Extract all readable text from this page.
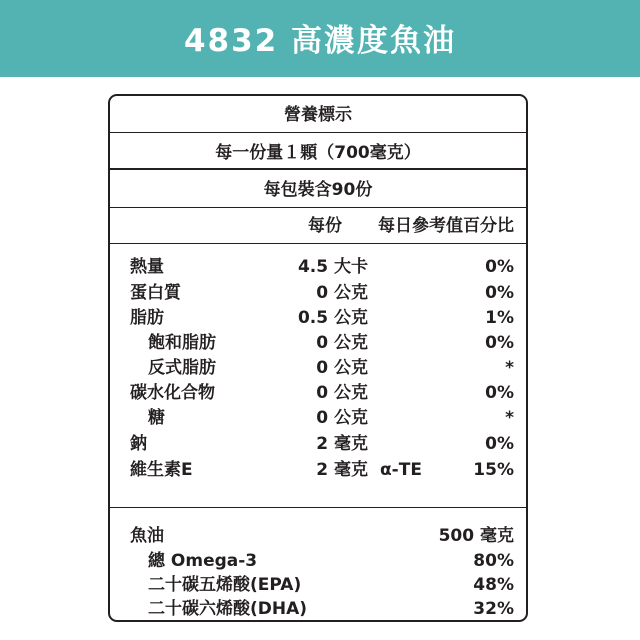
4832 高濃度魚油
營養標示
每一份量１顆（700毫克）
每包裝含90份
每份 每日參考值百分比
熱量	4.5 大卡	0%
蛋白質	0 公克	0%
脂肪	0.5 公克	1%
飽和脂肪	0 公克	0%
反式脂肪	0 公克	*
碳水化合物	0 公克	0%
糖	0 公克	*
鈉	2 毫克	0%
維生素E	2 毫克 α-TE	15%
魚油	500 毫克
總 Omega-3	80%
二十碳五烯酸(EPA)	48%
二十碳六烯酸(DHA)	32%
